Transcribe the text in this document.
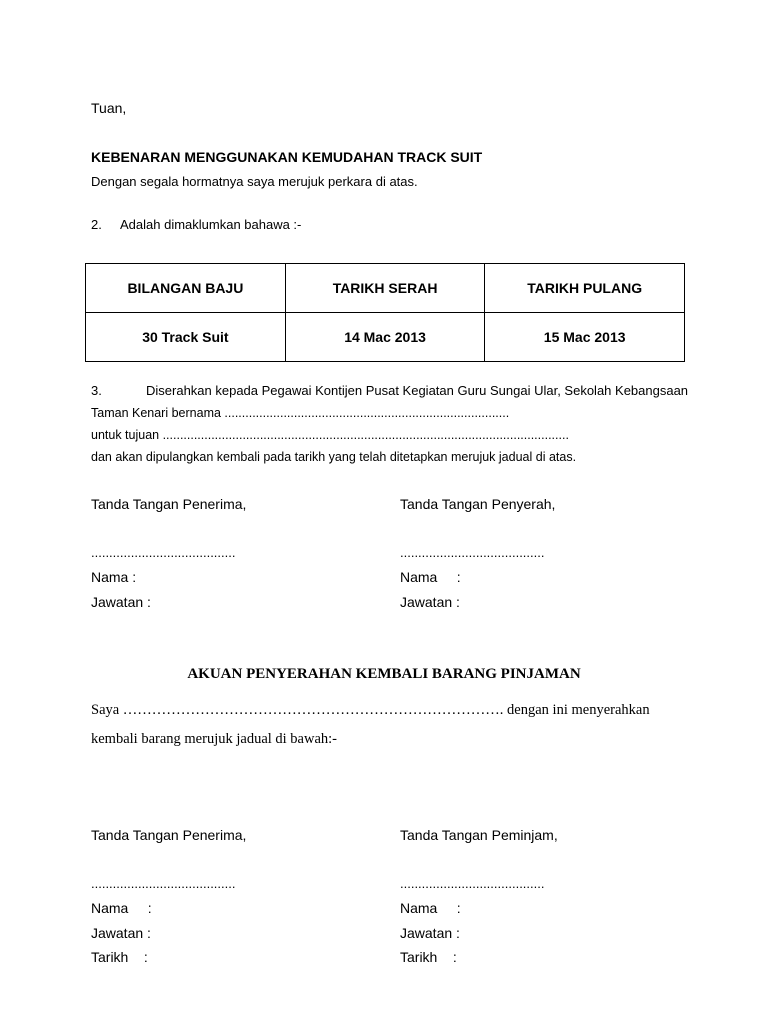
Tuan,
KEBENARAN MENGGUNAKAN KEMUDAHAN TRACK SUIT
Dengan segala hormatnya saya merujuk perkara di atas.
2. Adalah dimaklumkan bahawa :-
BILANGAN BAJU	TARIKH SERAH	TARIKH PULANG
30 Track Suit	14 Mac 2013	15 Mac 2013
3.	Diserahkan kepada Pegawai Kontijen Pusat Kegiatan Guru Sungai Ular, Sekolah Kebangsaan
Taman Kenari bernama ..................................................................................
untuk tujuan .....................................................................................................................
dan akan dipulangkan kembali pada tarikh yang telah ditetapkan merujuk jadual di atas.
Tanda Tangan Penerima,	Tanda Tangan Penyerah,
........................................	........................................
Nama :	Nama     :
Jawatan :	Jawatan :
AKUAN PENYERAHAN KEMBALI BARANG PINJAMAN
Saya ……………………………………………………………………. dengan ini menyerahkan
kembali barang merujuk jadual di bawah:-
Tanda Tangan Penerima,	Tanda Tangan Peminjam,
........................................	........................................
Nama     :	Nama     :
Jawatan :	Jawatan :
Tarikh    :	Tarikh    :
